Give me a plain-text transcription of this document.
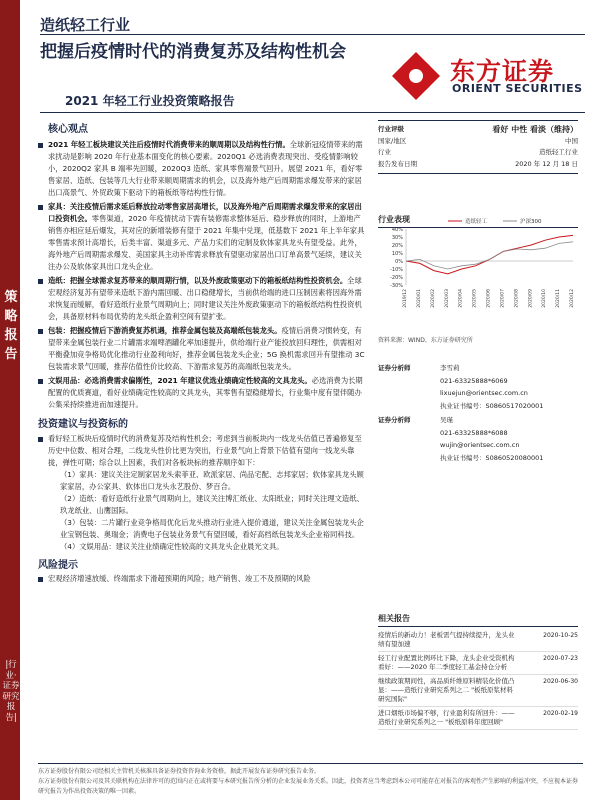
策略报告
|行业·证券研究报告|
造纸轻工行业
把握后疫情时代的消费复苏及结构性机会
2021 年轻工行业投资策略报告
东方证券
ORIENT SECURITIES
核心观点
2021 年轻工板块建议关注后疫情时代消费带来的顺周期以及结构性行情。全球新冠疫情带来的需求扰动是影响 2020 年行业基本面变化的核心要素。2020Q1 必选消费表现突出、受疫情影响较小，2020Q2 家具 B 端率先回暖，2020Q3 造纸、家具零售端景气回升。展望 2021 年，看好零售家居、造纸、包装等几大行业带来顺周期需求的机会，以及海外地产后周期需求爆发带来的家居出口高景气、外贸政策下驱动下的箱板纸等结构性行情。
家具：关注疫情后需求延后释放拉动零售家居高增长，以及海外地产后周期需求爆发带来的家居出口投资机会。零售渠道，2020 年疫情扰动下需有装修需求整体延后、稳步释放的同时，上游地产销售亦相应延后爆发，其对应的新增装修有望于 2021 年集中兑现，低基数下 2021 年上半年家具零售需求预计高增长，后类丰富、渠道多元、产品力实们的定制及软体家具龙头有望受益。此外，海外地产后周期需求爆发、美国家具主动补库需求释放有望驱动家居出口订单高景气延续，建议关注办公及软体家具出口龙头企业。
造纸：把握全球需求复苏带来的顺周期行情，以及外废政策驱动下的箱板纸结构性投资机会。全球宏观经济复苏有望带来造纸下游内需回暖、出口稳健增长，当前供给端的进口压制因素将因海外需求恢复而缓解，看好造纸行业景气周期向上；同时建议关注外废政策驱动下的箱板纸结构性投资机会，具备原材料布局优势的龙头纸企盈利空间有望扩张。
包装：把握疫情后下游消费复苏机遇，推荐金属包装及高端纸包装龙头。疫情后消费习惯转变，有望带来金属包装行业二片罐需求端啤酒罐化率加速提升，供给端行业产能投放回归理性，供需相对平衡叠加竞争格局优化推动行业盈利向好，推荐金属包装龙头企业；5G 换机需求回升有望推动 3C 包装需求景气回暖，推荐估值性价比较高、下游需求复苏的高端纸包装龙头。
文娱用品：必选消费需求偏刚性，2021 年建议优选业绩确定性较高的文具龙头。必选消费为长期配置的优质赛道，看好业绩确定性较高的文具龙头，其零售有望稳健增长，行业集中度有望伴随办公集采持续推进而加速提升。
投资建议与投资标的
看好轻工板块后疫情时代的消费复苏及结构性机会；考虑到当前板块内一线龙头估值已普遍修复至历史中位数、相对合理，二线龙头性价比更为突出，行业景气向上背景下估值有望向一线龙头靠拢，弹性可期；综合以上因素，我们对各板块标的推荐顺序如下：
（1）家具：建议关注定制家居龙头索菲亚、欧派家居、尚品宅配、志邦家居；软体家具龙头顾家家居，办公家具、软体出口龙头永艺股份、梦百合。
（2）造纸：看好造纸行业景气周期向上，建议关注博汇纸业、太阳纸业；同时关注理文造纸、玖龙纸业、山鹰国际。
（3）包装：二片罐行业竞争格局优化后龙头推动行业进入提价通道，建议关注金属包装龙头企业宝钢包装、奥瑞金；消费电子包装业务景气有望回暖，看好高档纸包装龙头企业裕同科技。
（4）文娱用品：建议关注业绩确定性较高的文具龙头企业晨光文具。
风险提示
宏观经济增速放缓、终端需求下滑超预期的风险；地产销售、竣工不及预期的风险
行业评级	看好 中性 看淡（维持）
国家/地区	中国
行业	造纸轻工行业
报告发布日期	2020 年 12 月 18 日
行业表现
40%
30%
20%
10%
0%
-10%
-20%
-30%
2019/12 2020/01 2020/02 2020/03 2020/04 2020/05 2020/06 2020/07 2020/08 2020/09 2020/10 2020/11 2020/12
造纸轻工	沪深300
资料来源：WIND、东方证券研究所
证券分析师	李雪莉
021-63325888*6069
lixuejun@orientsec.com.cn
执业证书编号：S0860517020001
证券分析师	吴瑾
021-63325888*6088
wujin@orientsec.com.cn
执业证书编号：S0860520080001
相关报告
疫情后的新动力！老板需气提持续提升，龙头业绩有望加速
2020-10-25
轻工行业配置比例环比下降，龙头企业受资机构看好：——2020 年二季度轻工基金持仓分析
2020-07-23
继续政策期间性，高品质纤维原料精装化价值凸显：——造纸行业研究系列之二 "板纸原浆材料研究国际"
2020-06-30
进口烟纸市场偏不够，行业盈利有所回升：——造纸行业研究系列之一 "板纸原料年度回顾"
2020-02-19
东方证券股份有限公司经相关主管机关核准具备证券投资咨询业务资格，据此开展发布证券研究报告业务。
东方证券股份有限公司及其关联机构在法律许可的范围内正在或将要与本研究报告所分析的企业发展业务关系。因此，投资者应当考虑到本公司可能存在对报告的客观性产生影响的利益冲突，不应视本证券研究报告为作出投资决策的唯一因素。
